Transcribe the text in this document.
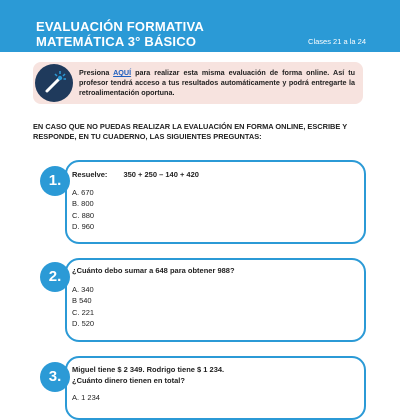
EVALUACIÓN FORMATIVA
MATEMÁTICA 3° BÁSICO	Clases 21 a la 24
Presiona AQUÍ para realizar esta misma evaluación de forma online. Así tu profesor tendrá acceso a tus resultados automáticamente y podrá entregarte la retroalimentación oportuna.
EN CASO QUE NO PUEDAS REALIZAR LA EVALUACIÓN EN FORMA ONLINE, ESCRIBE Y RESPONDE, EN TU CUADERNO, LAS SIGUIENTES PREGUNTAS:
1.	Resuelve: 350 + 250 – 140 + 420
A. 670
B. 800
C. 880
D. 960
2.	¿Cuánto debo sumar a 648 para obtener 988?
A. 340
B 540
C. 221
D. 520
3.	Miguel tiene $ 2 349. Rodrigo tiene $ 1 234.
¿Cuánto dinero tienen en total?
A. 1 234
